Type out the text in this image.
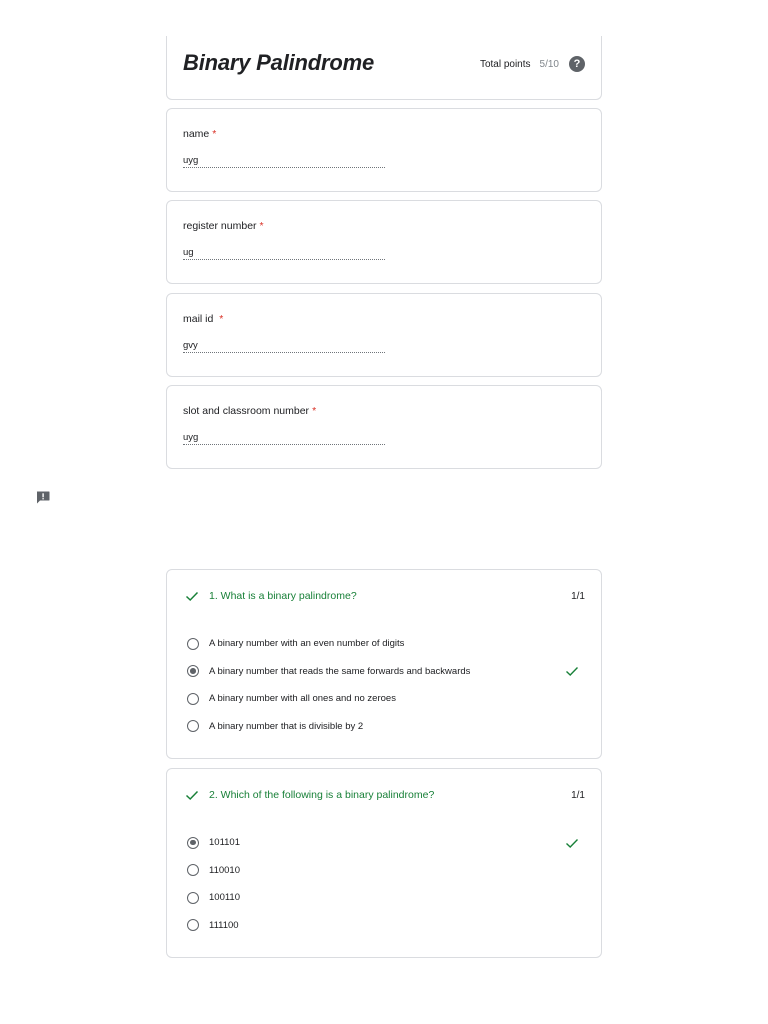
Binary Palindrome	Total points 5/10	?
name *
uyg
register number *
ug
mail id *
gvy
slot and classroom number *
uyg
1. What is a binary palindrome?	1/1
A binary number with an even number of digits
A binary number that reads the same forwards and backwards
A binary number with all ones and no zeroes
A binary number that is divisible by 2
2. Which of the following is a binary palindrome?	1/1
101101
110010
100110
111100
